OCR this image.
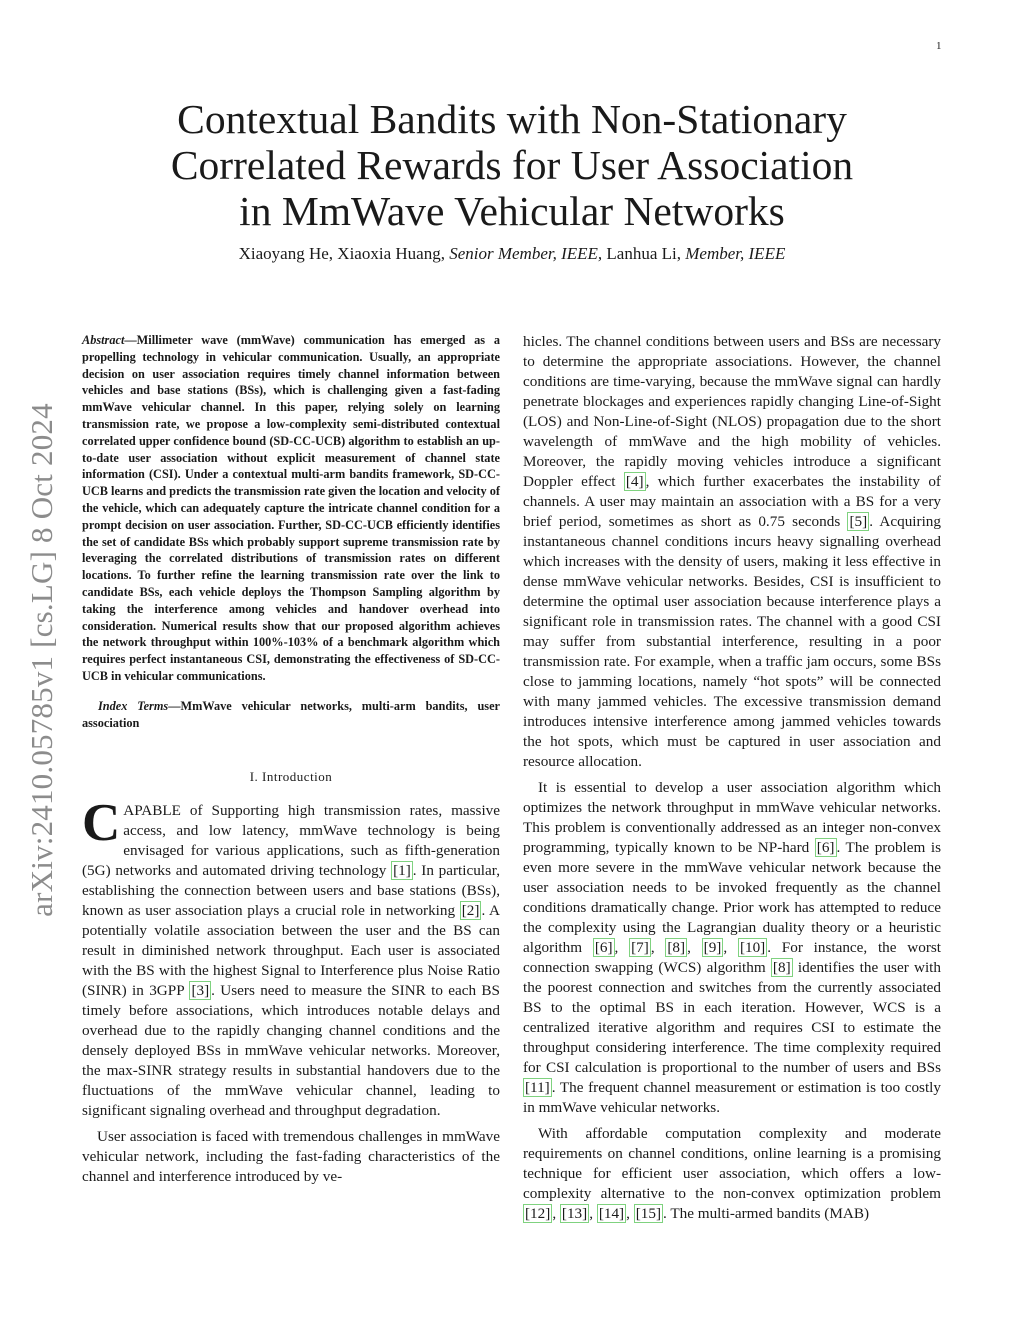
1
arXiv:2410.05785v1 [cs.LG] 8 Oct 2024
Contextual Bandits with Non-Stationary
Correlated Rewards for User Association
in MmWave Vehicular Networks
Xiaoyang He, Xiaoxia Huang, Senior Member, IEEE, Lanhua Li, Member, IEEE

Abstract—Millimeter wave (mmWave) communication has emerged as a propelling technology in vehicular communication. Usually, an appropriate decision on user association requires timely channel information between vehicles and base stations (BSs), which is challenging given a fast-fading mmWave vehicular channel. In this paper, relying solely on learning transmission rate, we propose a low-complexity semi-distributed contextual correlated upper confidence bound (SD-CC-UCB) algorithm to establish an up-to-date user association without explicit measurement of channel state information (CSI). Under a contextual multi-arm bandits framework, SD-CC-UCB learns and predicts the transmission rate given the location and velocity of the vehicle, which can adequately capture the intricate channel condition for a prompt decision on user association. Further, SD-CC-UCB efficiently identifies the set of candidate BSs which probably support supreme transmission rate by leveraging the correlated distributions of transmission rates on different locations. To further refine the learning transmission rate over the link to candidate BSs, each vehicle deploys the Thompson Sampling algorithm by taking the interference among vehicles and handover overhead into consideration. Numerical results show that our proposed algorithm achieves the network throughput within 100%-103% of a benchmark algorithm which requires perfect instantaneous CSI, demonstrating the effectiveness of SD-CC-UCB in vehicular communications.

Index Terms—MmWave vehicular networks, multi-arm bandits, user association

I. Introduction

CAPABLE of Supporting high transmission rates, massive access, and low latency, mmWave technology is being envisaged for various applications, such as fifth-generation (5G) networks and automated driving technology [1] . In particular, establishing the connection between users and base stations (BSs), known as user association plays a crucial role in networking [2] . A potentially volatile association between the user and the BS can result in diminished network throughput. Each user is associated with the BS with the highest Signal to Interference plus Noise Ratio (SINR) in 3GPP [3] . Users need to measure the SINR to each BS timely before associations, which introduces notable delays and overhead due to the rapidly changing channel conditions and the densely deployed BSs in mmWave vehicular networks. Moreover, the max-SINR strategy results in substantial handovers due to the fluctuations of the mmWave vehicular channel, leading to significant signaling overhead and throughput degradation.

User association is faced with tremendous challenges in mmWave vehicular network, including the fast-fading characteristics of the channel and interference introduced by ve-

hicles. The channel conditions between users and BSs are necessary to determine the appropriate associations. However, the channel conditions are time-varying, because the mmWave signal can hardly penetrate blockages and experiences rapidly changing Line-of-Sight (LOS) and Non-Line-of-Sight (NLOS) propagation due to the short wavelength of mmWave and the high mobility of vehicles. Moreover, the rapidly moving vehicles introduce a significant Doppler effect [4] , which further exacerbates the instability of channels. A user may maintain an association with a BS for a very brief period, sometimes as short as 0.75 seconds [5] . Acquiring instantaneous channel conditions incurs heavy signalling overhead which increases with the density of users, making it less effective in dense mmWave vehicular networks. Besides, CSI is insufficient to determine the optimal user association because interference plays a significant role in transmission rates. The channel with a good CSI may suffer from substantial interference, resulting in a poor transmission rate. For example, when a traffic jam occurs, some BSs close to jamming locations, namely “hot spots” will be connected with many jammed vehicles. The excessive transmission demand introduces intensive interference among jammed vehicles towards the hot spots, which must be captured in user association and resource allocation.

It is essential to develop a user association algorithm which optimizes the network throughput in mmWave vehicular networks. This problem is conventionally addressed as an integer non-convex programming, typically known to be NP-hard [6] . The problem is even more severe in the mmWave vehicular network because the user association needs to be invoked frequently as the channel conditions dramatically change. Prior work has attempted to reduce the complexity using the Lagrangian duality theory or a heuristic algorithm [6] , [7] , [8] , [9] , [10] . For instance, the worst connection swapping (WCS) algorithm [8] identifies the user with the poorest connection and switches from the currently associated BS to the optimal BS in each iteration. However, WCS is a centralized iterative algorithm and requires CSI to estimate the throughput considering interference. The time complexity required for CSI calculation is proportional to the number of users and BSs [11] . The frequent channel measurement or estimation is too costly in mmWave vehicular networks.

With affordable computation complexity and moderate requirements on channel conditions, online learning is a promising technique for efficient user association, which offers a low-complexity alternative to the non-convex optimization problem [12] , [13] , [14] , [15] . The multi-armed bandits (MAB)
